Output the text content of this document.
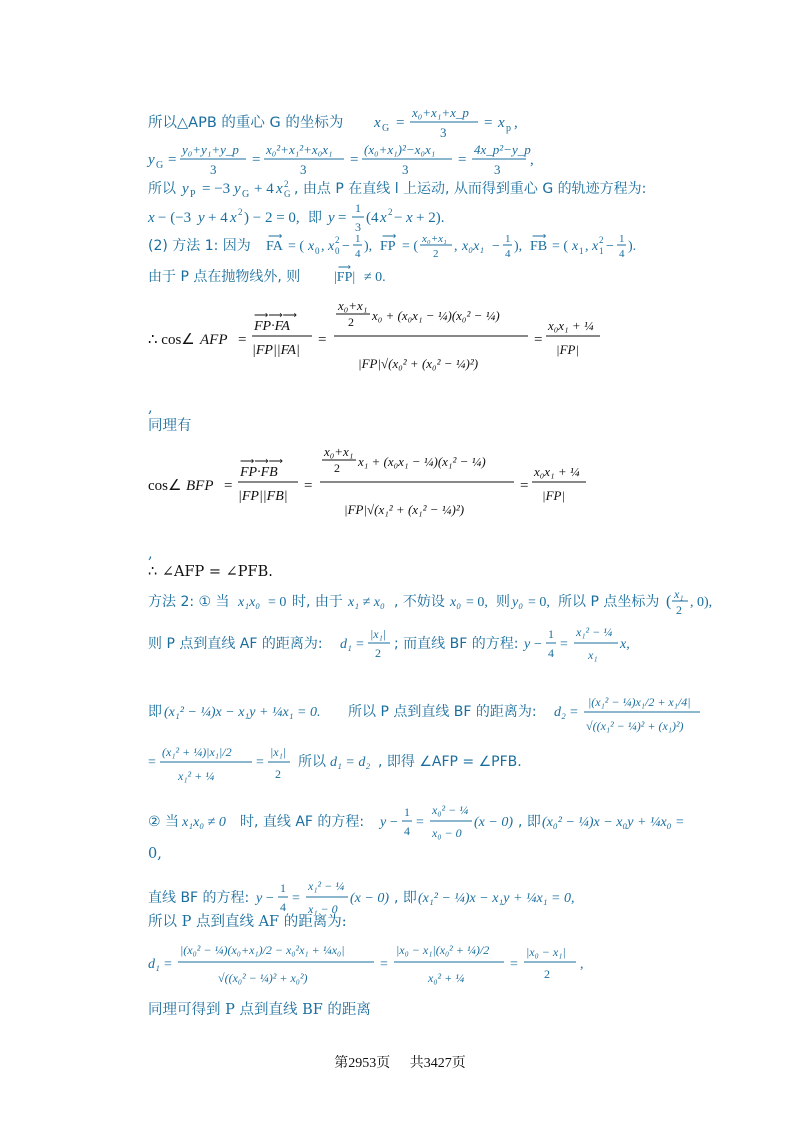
所以△APB 的重心 G 的坐标为 x G =
x₀+x₁+x_p
3
= x p ,
y G =
y₀+y₁+y_p
3
=
x₀²+x₁²+x₀x₁
3
=
(x₀+x₁)²−x₀x₁
3
=
4x_p²−y_p
3
,
所以 y P = −3 y G + 4 x 2
G , 由点 P 在直线 l 上运动, 从而得到重心 G 的轨迹方程为:
x − (−3 y + 4 x 2 ) − 2 = 0, 即 y =
1
3
(4 x 2 − x + 2).
(2) 方法 1: 因为 FA
⟶
= ( x 0 , x 2
0 − 1
4 ), FP
⟶
= ( x₀+x₁
2 , x₀x₁ − 1
4 ), FB
⟶
= ( x 1 , x 2
1 − 1
4 ).
由于 P 点在抛物线外, 则 |FP|
⟶
≠ 0.
∴ cos∠ AFP =
FP·FA
⟶⟶⟶
|FP||FA|
=
x₀+x₁
2 x₀ + (x₀x₁ − ¼)(x₀² − ¼)
|FP|√(x₀² + (x₀² − ¼)²)
=
x₀x₁ + ¼
|FP|
,
同理有
cos∠ BFP =
FP·FB
⟶⟶⟶
|FP||FB|
=
x₀+x₁
2 x₁ + (x₀x₁ − ¼)(x₁² − ¼)
|FP|√(x₁² + (x₁² − ¼)²)
=
x₀x₁ + ¼
|FP|
,
∴ ∠AFP = ∠PFB.
方法 2: ① 当 x₁x₀ = 0 时, 由于 x₁ ≠ x₀ , 不妨设 x₀ = 0, 则 y₀ = 0, 所以 P 点坐标为 ( x₁
2 , 0),
则 P 点到直线 AF 的距离为: d₁ =
|x₁|
2
; 而直线 BF 的方程: y −
1
4
=
x₁² − ¼
x₁
x,
即 (x₁² − ¼)x − x₁y + ¼x₁ = 0. 所以 P 点到直线 BF 的距离为: d₂ =
|(x₁² − ¼)x₁/2 + x₁/4|
√((x₁² − ¼)² + (x₁)²)
=
(x₁² + ¼)|x₁|/2
x₁² + ¼
=
|x₁|
2
所以 d₁ = d₂ , 即得 ∠AFP = ∠PFB.
② 当 x₁x₀ ≠ 0 时, 直线 AF 的方程: y −
1
4
=
x₀² − ¼
x₀ − 0
(x − 0) , 即 (x₀² − ¼)x − x₀y + ¼x₀ =
0,
直线 BF 的方程: y −
1
4
=
x₁² − ¼
x₁ − 0
(x − 0) , 即 (x₁² − ¼)x − x₁y + ¼x₁ = 0,
所以 P 点到直线 AF 的距离为:
d₁ =
|(x₀² − ¼)(x₀+x₁)/2 − x₀²x₁ + ¼x₀|
√((x₀² − ¼)² + x₀²)
=
|x₀ − x₁|(x₀² + ¼)/2
x₀² + ¼
=
|x₀ − x₁|
2
,
同理可得到 P 点到直线 BF 的距离
第2953页 共3427页
